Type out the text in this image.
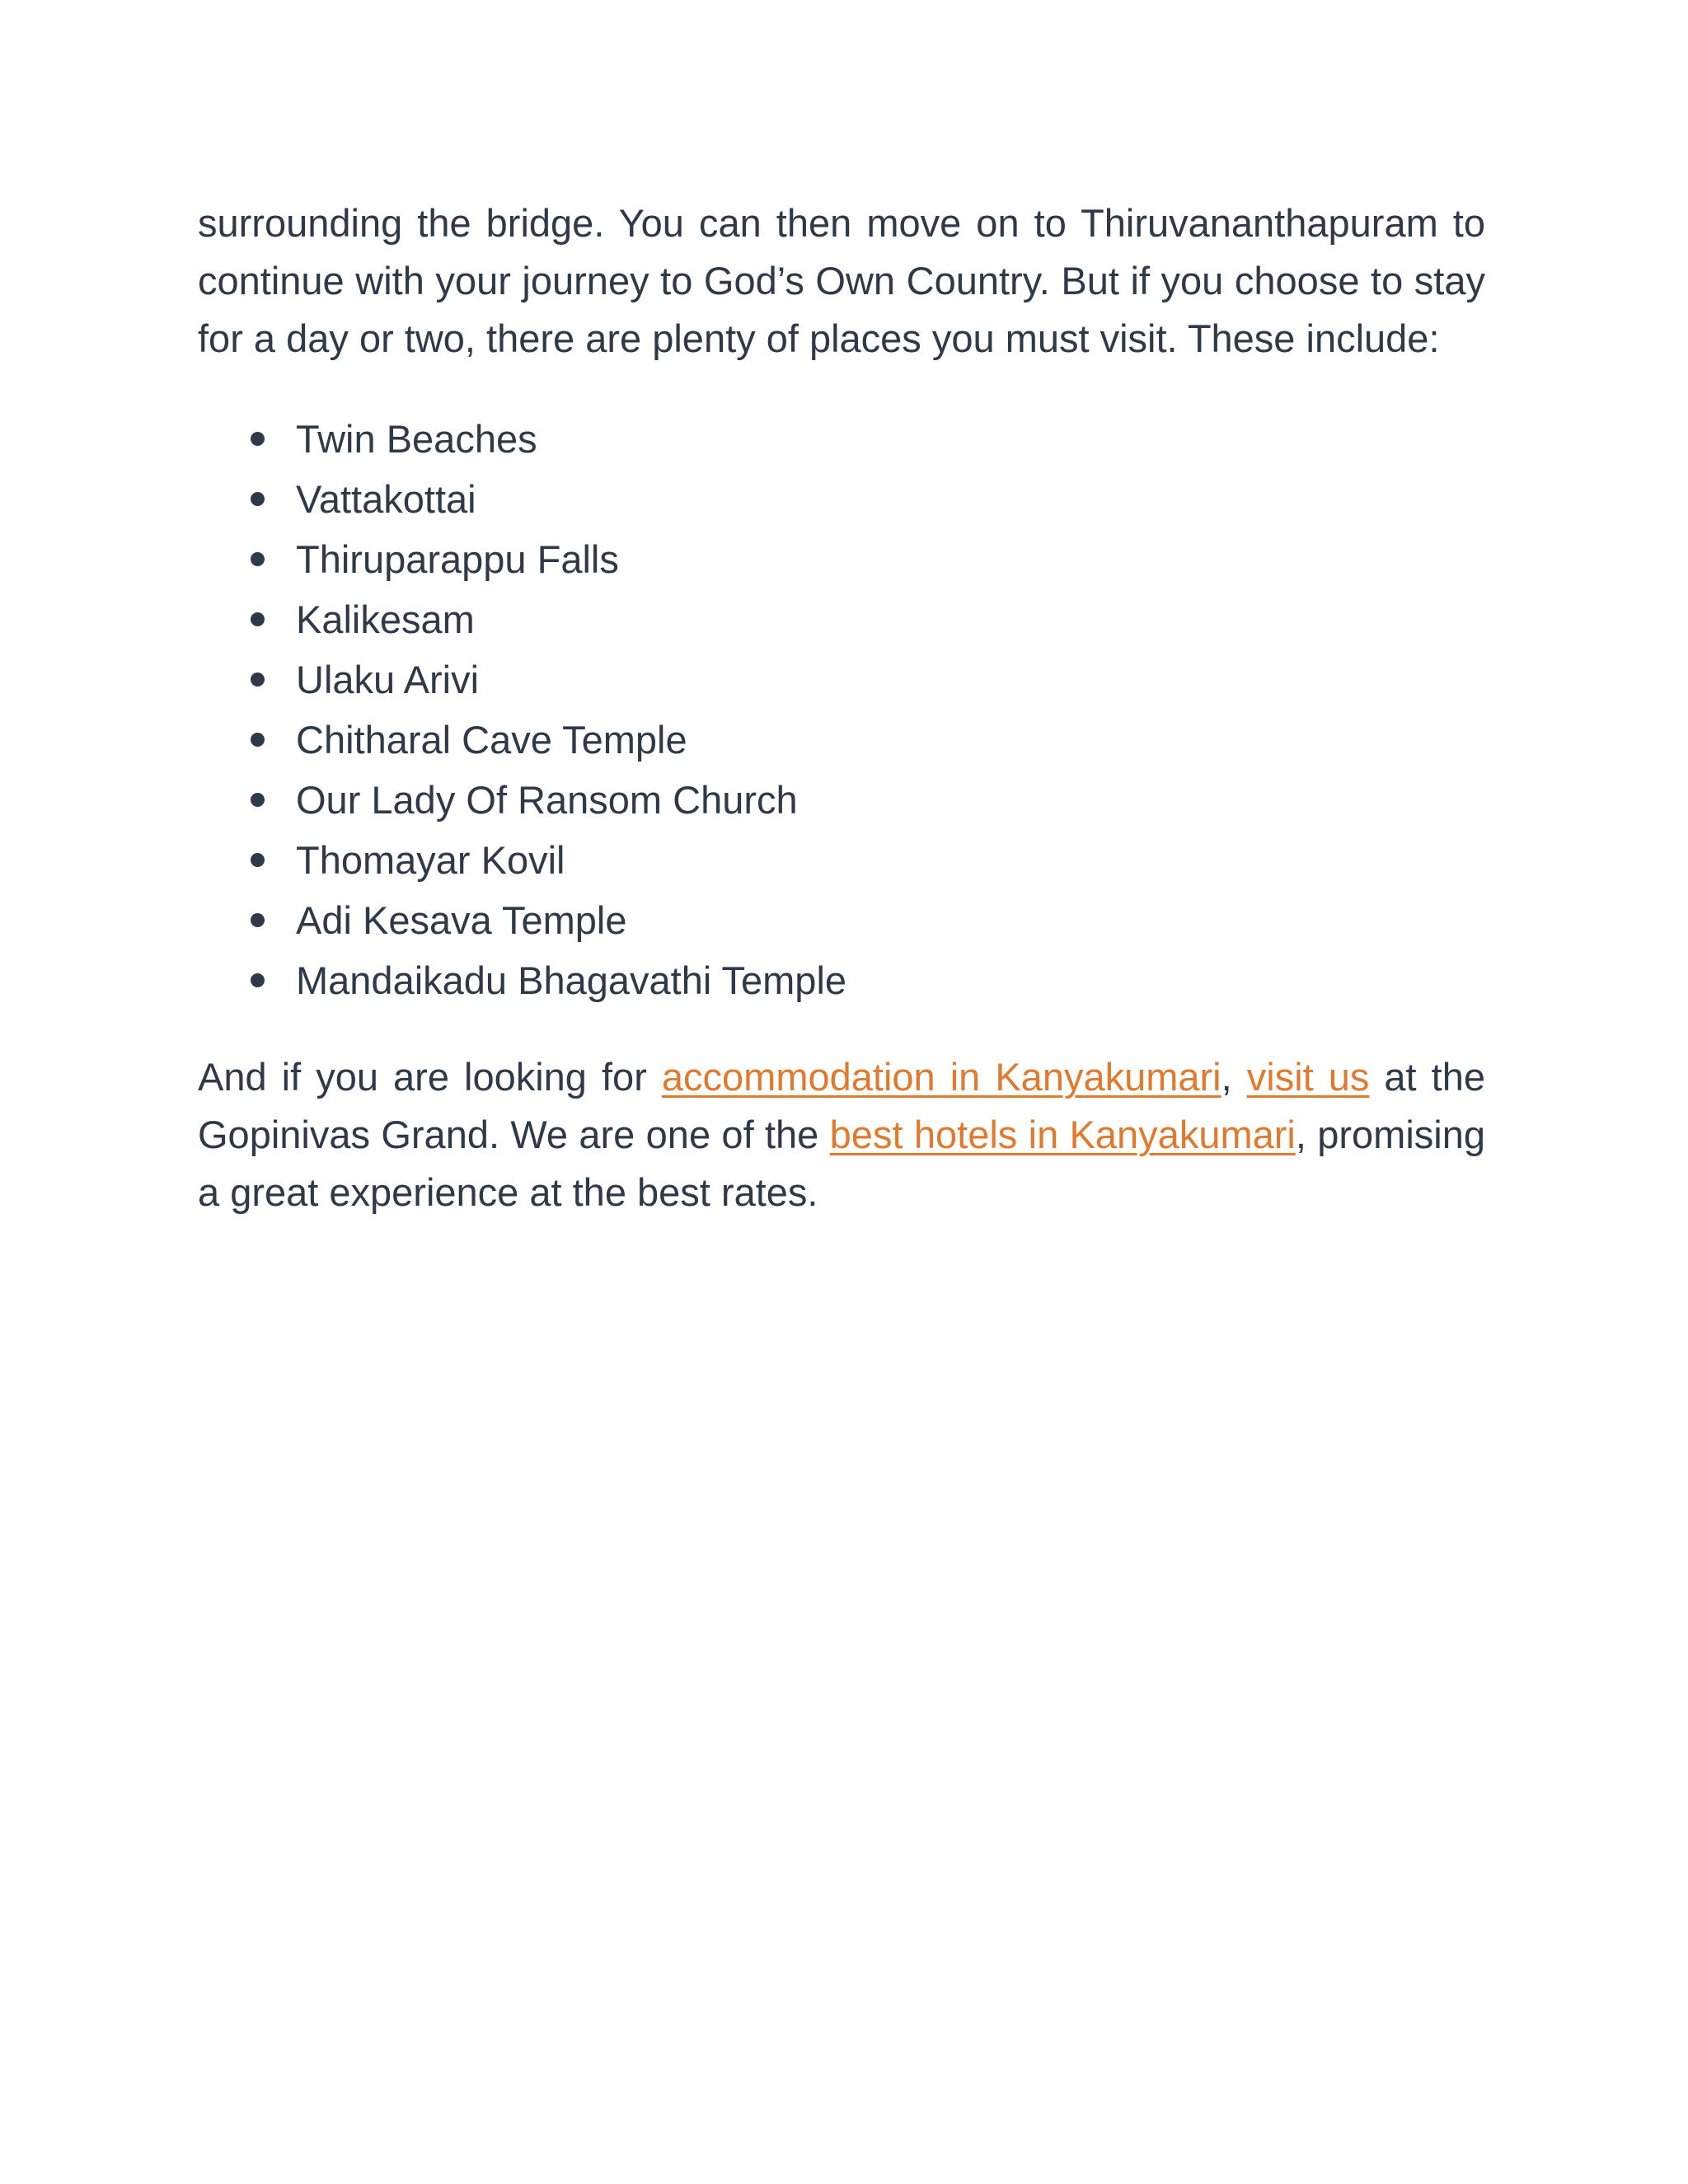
surrounding the bridge. You can then move on to Thiruvananthapuram to continue with your journey to God’s Own Country. But if you choose to stay for a day or two, there are plenty of places you must visit. These include:

Twin Beaches
Vattakottai
Thiruparappu Falls
Kalikesam
Ulaku Arivi
Chitharal Cave Temple
Our Lady Of Ransom Church
Thomayar Kovil
Adi Kesava Temple
Mandaikadu Bhagavathi Temple

And if you are looking for accommodation in Kanyakumari, visit us at the Gopinivas Grand. We are one of the best hotels in Kanyakumari, promising a great experience at the best rates.
